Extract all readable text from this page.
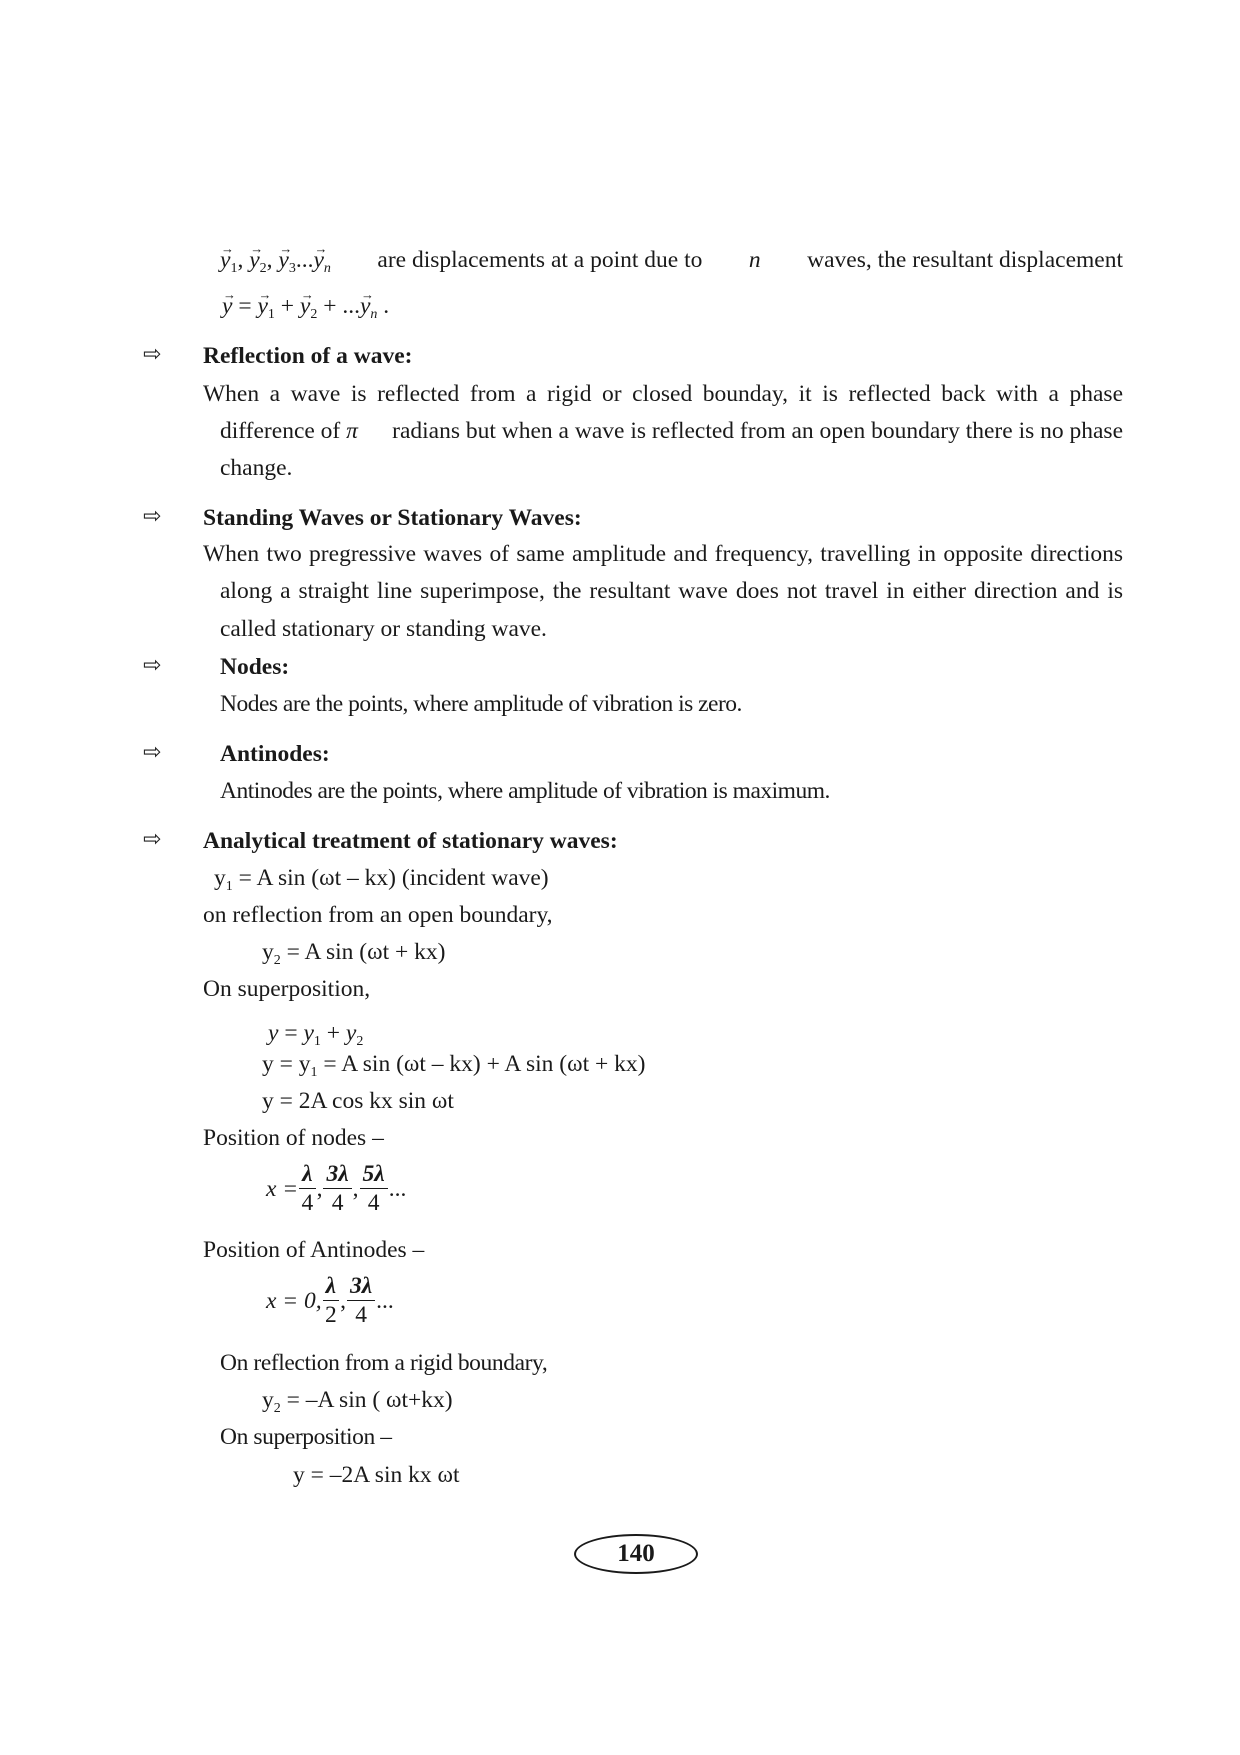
→ $y_1$, → $y_2$, → $y_3...\to y_n$ are displacements at a point due to n waves, the resultant displacement
→ y = → $y_1$ + → $y_2$ + ...→ $y_n$ .
⇨ Reflection of a wave:
When a wave is reflected from a rigid or closed bounday, it is reflected back with a phase
difference of π radians but when a wave is reflected from an open boundary there is no phase
change.
⇨ Standing Waves or Stationary Waves:
When two pregressive waves of same amplitude and frequency, travelling in opposite directions
along a straight line superimpose, the resultant wave does not travel in either direction and is
called stationary or standing wave.
⇨ Nodes:
Nodes are the points, where amplitude of vibration is zero.
⇨ Antinodes:
Antinodes are the points, where amplitude of vibration is maximum.
⇨ Analytical treatment of stationary waves:
$y_1 = A$ sin (ωt – kx) (incident wave)
on reflection from an open boundary,
$y_2 = A$ sin (ωt + kx)
On superposition,
$y = y_1 + y_2$
$y = y_1 = A$ sin (ωt – kx) + A sin (ωt + kx)
y = 2A cos kx sin ωt
Position of nodes –
$x = \frac{\lambda}{4}$ , $\frac{3\lambda}{4}$ , $\frac{5\lambda}{4}$ ...
Position of Antinodes –
x = 0, $\frac{\lambda}{2}$ , $\frac{3\lambda}{4}$ ...
On reflection from a rigid boundary,
$y_2 = -A$ sin ( ωt+kx)
On superposition –
y = –2A sin kx ωt
140
